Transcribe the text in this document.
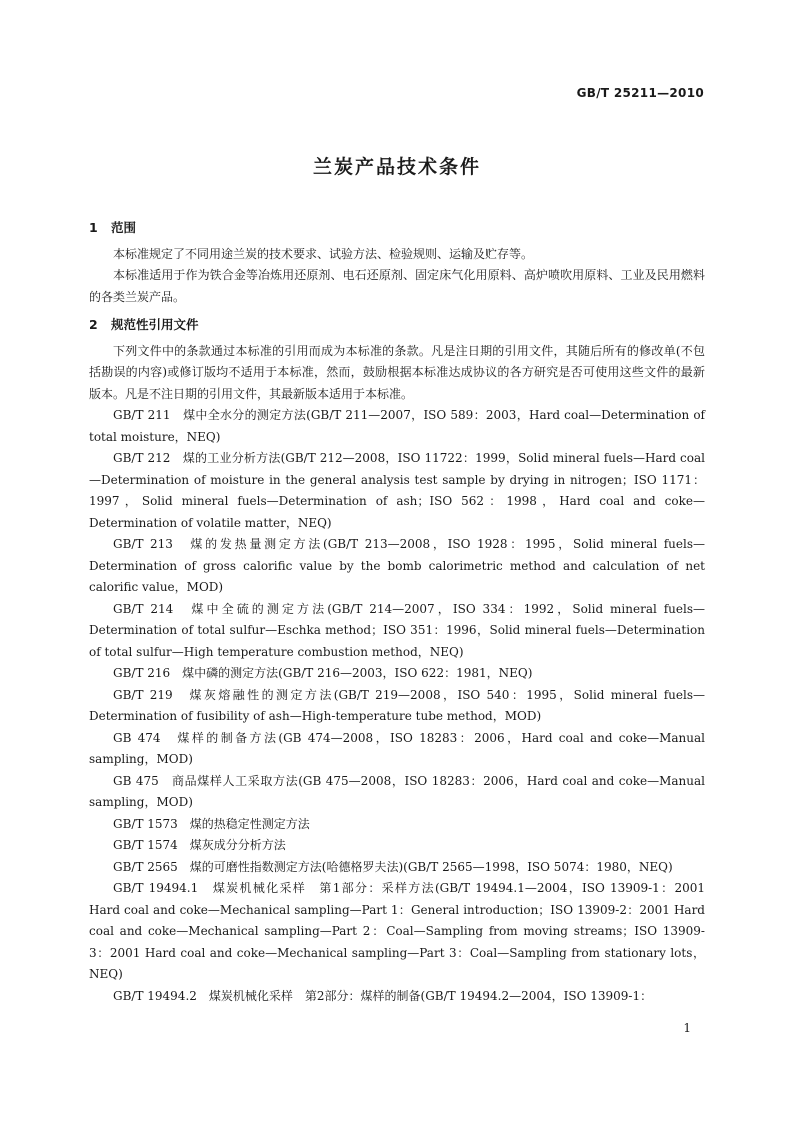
GB/T 25211—2010
兰炭产品技术条件
1 范围

本标准规定了不同用途兰炭的技术要求、试验方法、检验规则、运输及贮存等。

本标准适用于作为铁合金等冶炼用还原剂、电石还原剂、固定床气化用原料、高炉喷吹用原料、工业及民用燃料的各类兰炭产品。

2 规范性引用文件

下列文件中的条款通过本标准的引用而成为本标准的条款。凡是注日期的引用文件，其随后所有的修改单(不包括勘误的内容)或修订版均不适用于本标准，然而，鼓励根据本标准达成协议的各方研究是否可使用这些文件的最新版本。凡是不注日期的引用文件，其最新版本适用于本标准。

GB/T 211　煤中全水分的测定方法(GB/T 211—2007，ISO 589：2003，Hard coal—Determination of total moisture，NEQ)

GB/T 212　煤的工业分析方法(GB/T 212—2008，ISO 11722：1999，Solid mineral fuels—Hard coal—Determination of moisture in the general analysis test sample by drying in nitrogen；ISO 1171：1997，Solid mineral fuels—Determination of ash；ISO 562：1998，Hard coal and coke—Determination of volatile matter，NEQ)

GB/T 213　煤的发热量测定方法(GB/T 213—2008，ISO 1928：1995，Solid mineral fuels—Determination of gross calorific value by the bomb calorimetric method and calculation of net calorific value，MOD)

GB/T 214　煤中全硫的测定方法(GB/T 214—2007，ISO 334：1992，Solid mineral fuels—Determination of total sulfur—Eschka method；ISO 351：1996，Solid mineral fuels—Determination of total sulfur—High temperature combustion method，NEQ)

GB/T 216　煤中磷的测定方法(GB/T 216—2003，ISO 622：1981，NEQ)

GB/T 219　煤灰熔融性的测定方法(GB/T 219—2008，ISO 540：1995，Solid mineral fuels—Determination of fusibility of ash—High-temperature tube method，MOD)

GB 474　煤样的制备方法(GB 474—2008，ISO 18283：2006，Hard coal and coke—Manual sampling，MOD)

GB 475　商品煤样人工采取方法(GB 475—2008，ISO 18283：2006，Hard coal and coke—Manual sampling，MOD)

GB/T 1573　煤的热稳定性测定方法

GB/T 1574　煤灰成分分析方法

GB/T 2565　煤的可磨性指数测定方法(哈德格罗夫法)(GB/T 2565—1998，ISO 5074：1980，NEQ)

GB/T 19494.1　煤炭机械化采样　第1部分：采样方法(GB/T 19494.1—2004，ISO 13909-1：2001 Hard coal and coke—Mechanical sampling—Part 1：General introduction；ISO 13909-2：2001 Hard coal and coke—Mechanical sampling—Part 2：Coal—Sampling from moving streams；ISO 13909-3：2001 Hard coal and coke—Mechanical sampling—Part 3：Coal—Sampling from stationary lots，NEQ)

GB/T 19494.2　煤炭机械化采样　第2部分：煤样的制备(GB/T 19494.2—2004，ISO 13909-1：

1
